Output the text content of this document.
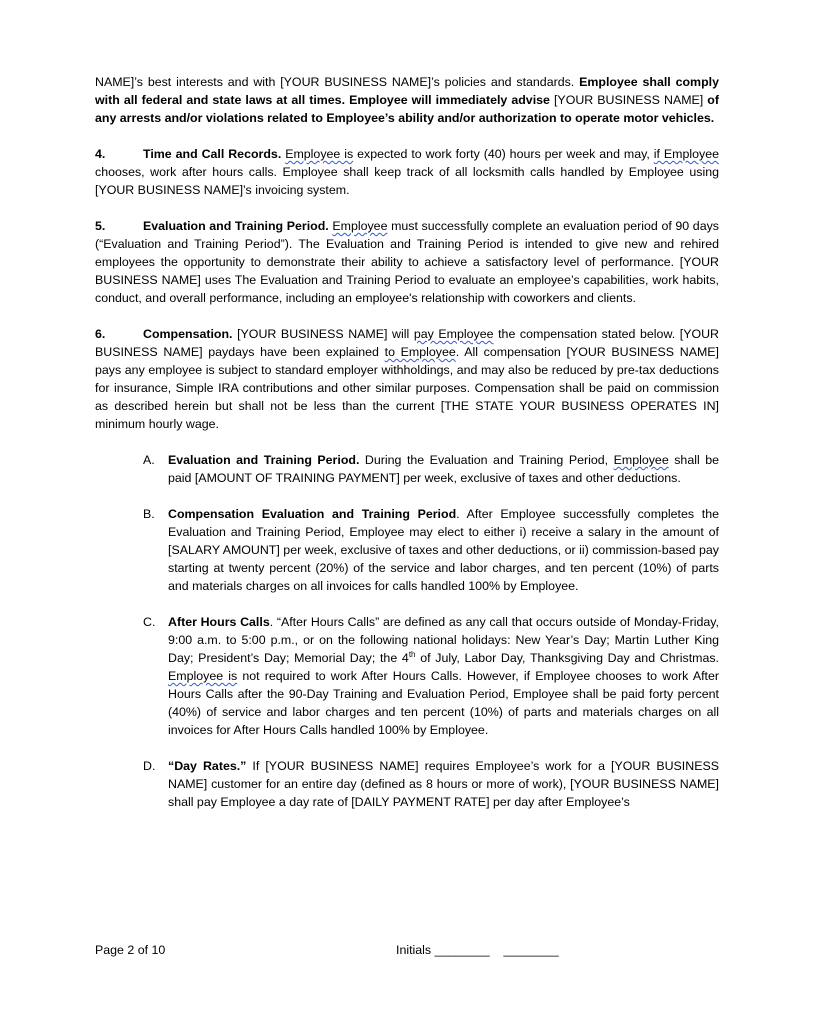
NAME]’s best interests and with [YOUR BUSINESS NAME]’s policies and standards. Employee shall comply with all federal and state laws at all times. Employee will immediately advise [YOUR BUSINESS NAME] of any arrests and/or violations related to Employee’s ability and/or authorization to operate motor vehicles.

4.	Time and Call Records. Employee is expected to work forty (40) hours per week and may, if Employee chooses, work after hours calls. Employee shall keep track of all locksmith calls handled by Employee using [YOUR BUSINESS NAME]’s invoicing system.

5.	Evaluation and Training Period. Employee must successfully complete an evaluation period of 90 days (“Evaluation and Training Period”). The Evaluation and Training Period is intended to give new and rehired employees the opportunity to demonstrate their ability to achieve a satisfactory level of performance. [YOUR BUSINESS NAME] uses The Evaluation and Training Period to evaluate an employee’s capabilities, work habits, conduct, and overall performance, including an employee's relationship with coworkers and clients.

6.	Compensation. [YOUR BUSINESS NAME] will pay Employee the compensation stated below. [YOUR BUSINESS NAME] paydays have been explained to Employee. All compensation [YOUR BUSINESS NAME] pays any employee is subject to standard employer withholdings, and may also be reduced by pre-tax deductions for insurance, Simple IRA contributions and other similar purposes. Compensation shall be paid on commission as described herein but shall not be less than the current [THE STATE YOUR BUSINESS OPERATES IN] minimum hourly wage.

A. Evaluation and Training Period. During the Evaluation and Training Period, Employee shall be paid [AMOUNT OF TRAINING PAYMENT] per week, exclusive of taxes and other deductions.
B. Compensation Evaluation and Training Period. After Employee successfully completes the Evaluation and Training Period, Employee may elect to either i) receive a salary in the amount of [SALARY AMOUNT] per week, exclusive of taxes and other deductions, or ii) commission-based pay starting at twenty percent (20%) of the service and labor charges, and ten percent (10%) of parts and materials charges on all invoices for calls handled 100% by Employee.
C. After Hours Calls. “After Hours Calls” are defined as any call that occurs outside of Monday-Friday, 9:00 a.m. to 5:00 p.m., or on the following national holidays: New Year’s Day; Martin Luther King Day; President’s Day; Memorial Day; the 4th of July, Labor Day, Thanksgiving Day and Christmas. Employee is not required to work After Hours Calls. However, if Employee chooses to work After Hours Calls after the 90-Day Training and Evaluation Period, Employee shall be paid forty percent (40%) of service and labor charges and ten percent (10%) of parts and materials charges on all invoices for After Hours Calls handled 100% by Employee.
D. “Day Rates.” If [YOUR BUSINESS NAME] requires Employee’s work for a [YOUR BUSINESS NAME] customer for an entire day (defined as 8 hours or more of work), [YOUR BUSINESS NAME] shall pay Employee a day rate of [DAILY PAYMENT RATE] per day after Employee’s
Page 2 of 10	Initials ________    ________
